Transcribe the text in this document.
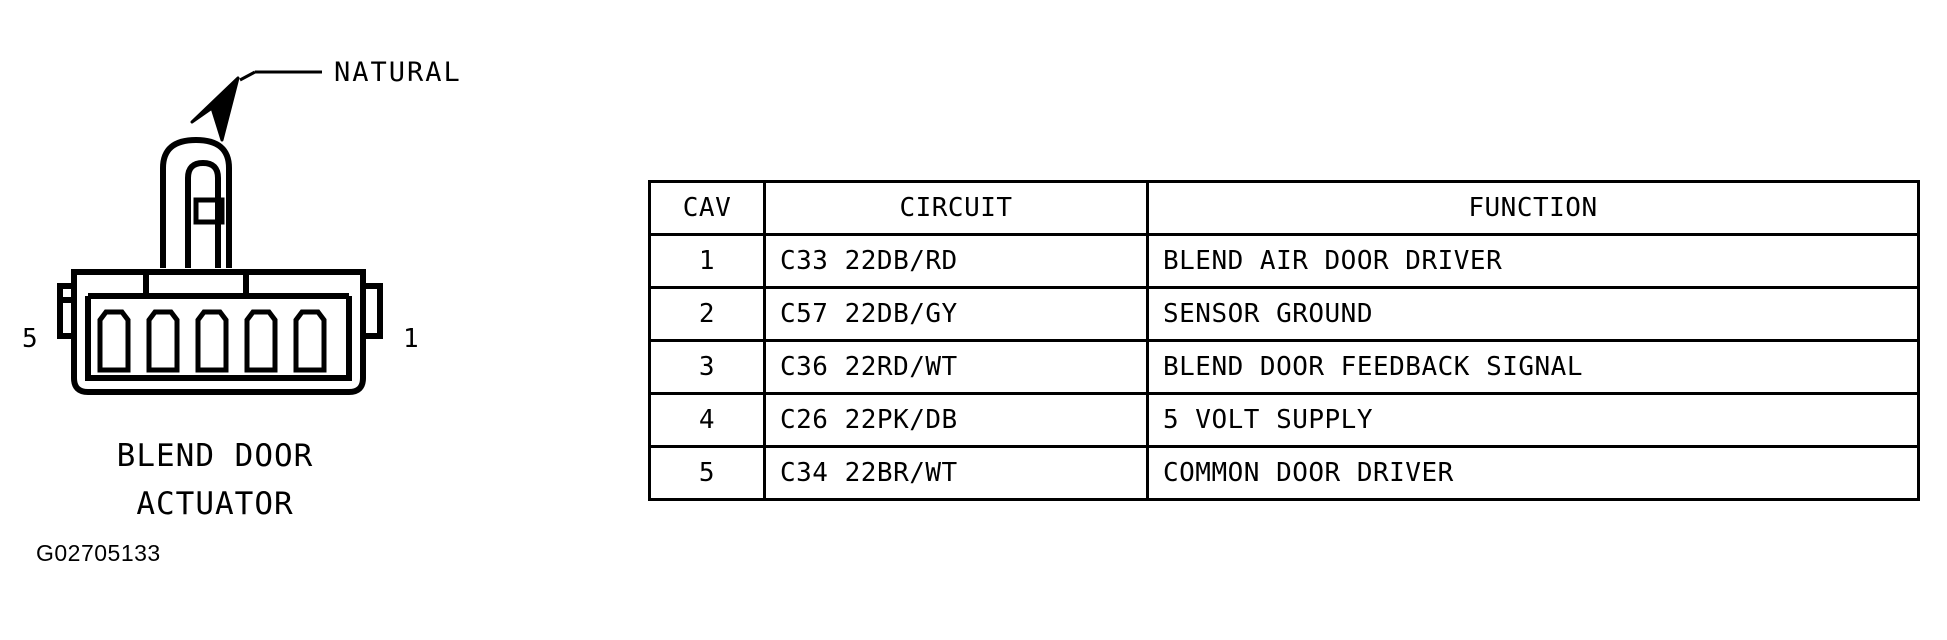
NATURAL
5	1
BLEND DOOR
ACTUATOR
G02705133
CAV	CIRCUIT	FUNCTION
1	C33 22DB/RD	BLEND AIR DOOR DRIVER
2	C57 22DB/GY	SENSOR GROUND
3	C36 22RD/WT	BLEND DOOR FEEDBACK SIGNAL
4	C26 22PK/DB	5 VOLT SUPPLY
5	C34 22BR/WT	COMMON DOOR DRIVER
